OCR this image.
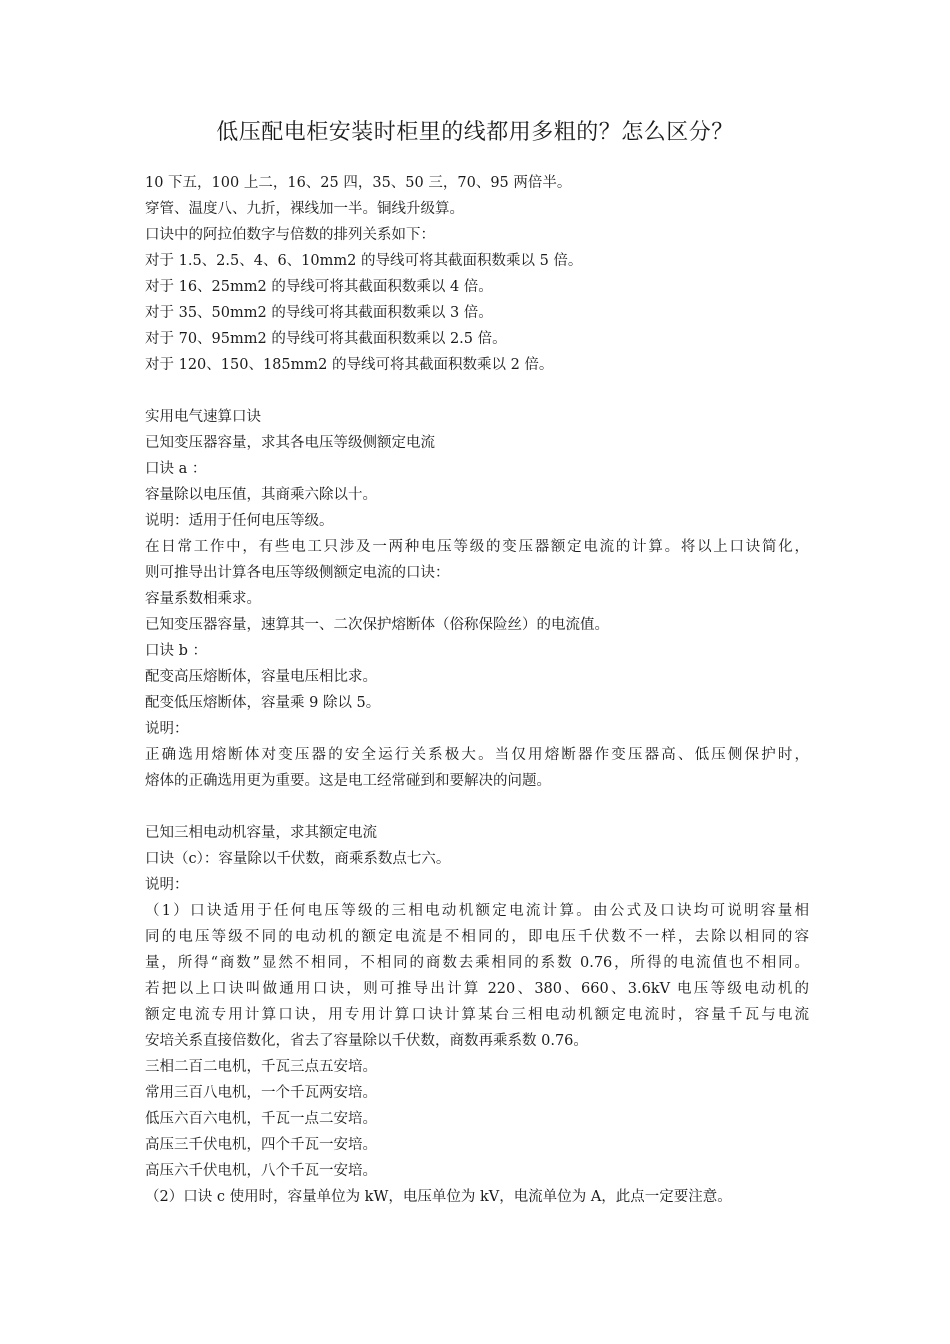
低压配电柜安装时柜里的线都用多粗的？怎么区分？
10 下五，100 上二，16、25 四，35、50 三，70、95 两倍半。
穿管、温度八、九折，裸线加一半。铜线升级算。
口诀中的阿拉伯数字与倍数的排列关系如下：
对于 1.5、2.5、4、6、10mm2 的导线可将其截面积数乘以 5 倍。
对于 16、25mm2 的导线可将其截面积数乘以 4 倍。
对于 35、50mm2 的导线可将其截面积数乘以 3 倍。
对于 70、95mm2 的导线可将其截面积数乘以 2.5 倍。
对于 120、150、185mm2 的导线可将其截面积数乘以 2 倍。
实用电气速算口诀
已知变压器容量，求其各电压等级侧额定电流
口诀 a ：
容量除以电压值，其商乘六除以十。
说明：适用于任何电压等级。
在日常工作中，有些电工只涉及一两种电压等级的变压器额定电流的计算。将以上口诀简化，
则可推导出计算各电压等级侧额定电流的口诀：
容量系数相乘求。
已知变压器容量，速算其一、二次保护熔断体（俗称保险丝）的电流值。
口诀 b ：
配变高压熔断体，容量电压相比求。
配变低压熔断体，容量乘 9 除以 5。
说明：
正确选用熔断体对变压器的安全运行关系极大。当仅用熔断器作变压器高、低压侧保护时，
熔体的正确选用更为重要。这是电工经常碰到和要解决的问题。
已知三相电动机容量，求其额定电流
口诀（c）：容量除以千伏数，商乘系数点七六。
说明：
（1）口诀适用于任何电压等级的三相电动机额定电流计算。由公式及口诀均可说明容量相
同的电压等级不同的电动机的额定电流是不相同的，即电压千伏数不一样，去除以相同的容
量，所得“商数”显然不相同，不相同的商数去乘相同的系数 0.76，所得的电流值也不相同。
若把以上口诀叫做通用口诀，则可推导出计算 220、380、660、3.6kV 电压等级电动机的
额定电流专用计算口诀，用专用计算口诀计算某台三相电动机额定电流时，容量千瓦与电流
安培关系直接倍数化，省去了容量除以千伏数，商数再乘系数 0.76。
三相二百二电机，千瓦三点五安培。
常用三百八电机，一个千瓦两安培。
低压六百六电机，千瓦一点二安培。
高压三千伏电机，四个千瓦一安培。
高压六千伏电机，八个千瓦一安培。
（2）口诀 c 使用时，容量单位为 kW，电压单位为 kV，电流单位为 A，此点一定要注意。
